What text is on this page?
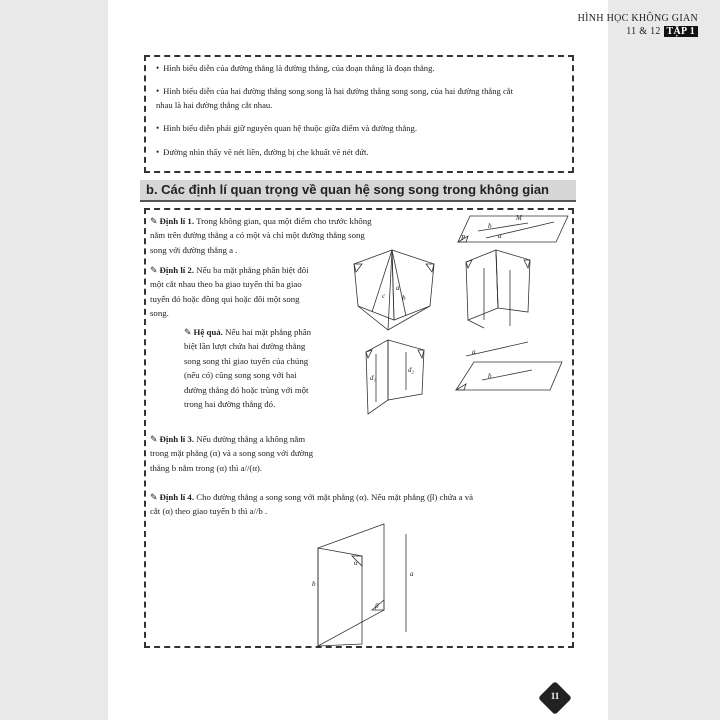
HÌNH HỌC KHÔNG GIAN
11 & 12 TẬP 1

• Hình biểu diễn của đường thẳng là đường thẳng, của đoạn thẳng là đoạn thẳng.

• Hình biểu diễn của hai đường thẳng song song là hai đường thẳng song song, của hai đường thẳng cắt

nhau là hai đường thẳng cắt nhau.

• Hình biểu diễn phải giữ nguyên quan hệ thuộc giữa điểm và đường thẳng.

• Đường nhìn thấy vẽ nét liền, đường bị che khuất vẽ nét đứt.

b. Các định lí quan trọng về quan hệ song song trong không gian
✎ Định lí 1. Trong không gian, qua một điểm cho trước không
nằm trên đường thẳng a có một và chỉ một đường thẳng song
song với đường thẳng a .
M
b
a
P
✎ Định lí 2. Nếu ba mặt phẳng phân biệt đôi
một cắt nhau theo ba giao tuyến thì ba giao
tuyến đó hoặc đồng qui hoặc đôi một song
song.
c
a
b
✎ Hệ quả. Nếu hai mặt phẳng phân
biệt lần lượt chứa hai đường thẳng
song song thì giao tuyến của chúng
(nếu có) cũng song song với hai
đường thẳng đó hoặc trùng với một
trong hai đường thẳng đó.
d₁
d₂
a
b
✎ Định lí 3. Nếu đường thẳng a không nằm
trong mặt phẳng (α) và a song song với đường
thẳng b nằm trong (α) thì a//(α).
✎ Định lí 4. Cho đường thẳng a song song với mặt phẳng (α). Nếu mặt phẳng (β) chứa a và
cắt (α) theo giao tuyến b thì a//b .
b
a
α
β
11
